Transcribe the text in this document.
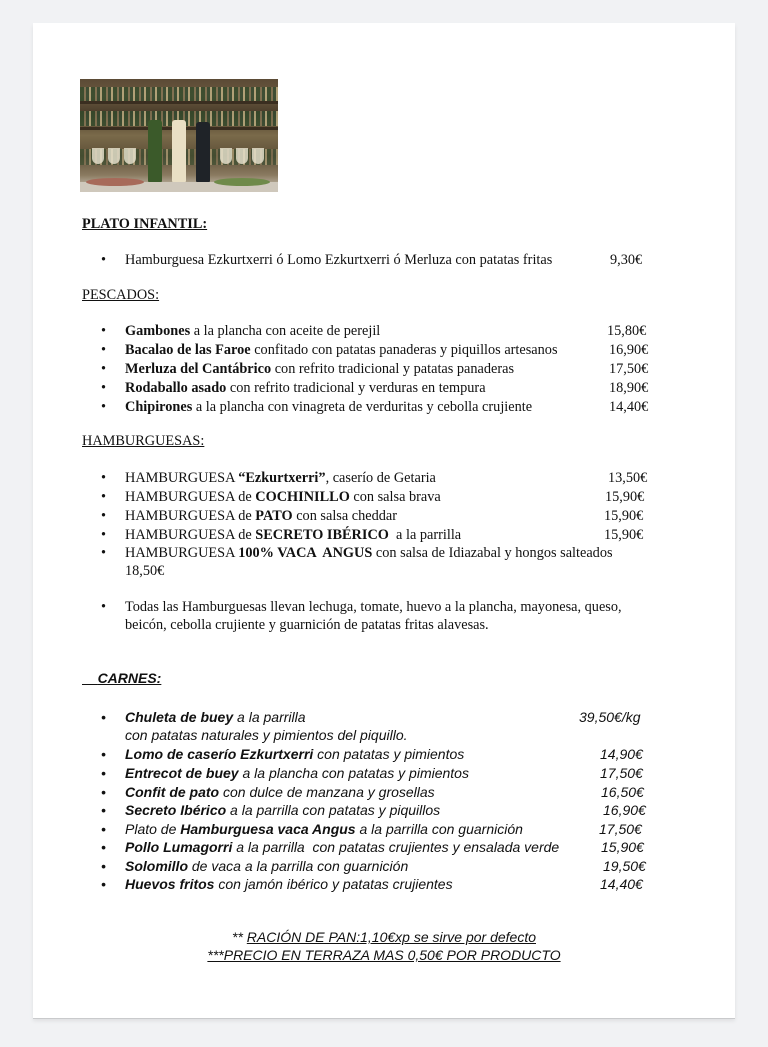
PLATO INFANTIL:
• Hamburguesa Ezkurtxerri ó Lomo Ezkurtxerri ó Merluza con patatas fritas	9,30€
PESCADOS:
• Gambones a la plancha con aceite de perejil	15,80€
• Bacalao de las Faroe confitado con patatas panaderas y piquillos artesanos	16,90€
• Merluza del Cantábrico con refrito tradicional y patatas panaderas	17,50€
• Rodaballo asado con refrito tradicional y verduras en tempura	18,90€
• Chipirones a la plancha con vinagreta de verduritas y cebolla crujiente	14,40€
HAMBURGUESAS:
• HAMBURGUESA “Ezkurtxerri”, caserío de Getaria	13,50€
• HAMBURGUESA de COCHINILLO con salsa brava	15,90€
• HAMBURGUESA de PATO con salsa cheddar	15,90€
• HAMBURGUESA de SECRETO IBÉRICO  a la parrilla	15,90€
• HAMBURGUESA 100% VACA  ANGUS con salsa de Idiazabal y hongos salteados
18,50€
• Todas las Hamburguesas llevan lechuga, tomate, huevo a la plancha, mayonesa, queso,
beicón, cebolla crujiente y guarnición de patatas fritas alavesas.
CARNES:
• Chuleta de buey a la parrilla
con patatas naturales y pimientos del piquillo.
39,50€/kg
• Lomo de caserío Ezkurtxerri con patatas y pimientos	14,90€
• Entrecot de buey a la plancha con patatas y pimientos	17,50€
• Confit de pato con dulce de manzana y grosellas	16,50€
• Secreto Ibérico a la parrilla con patatas y piquillos	16,90€
• Plato de Hamburguesa vaca Angus a la parrilla con guarnición	17,50€
• Pollo Lumagorri a la parrilla  con patatas crujientes y ensalada verde	15,90€
• Solomillo de vaca a la parrilla con guarnición	19,50€
• Huevos fritos con jamón ibérico y patatas crujientes	14,40€
** RACIÓN DE PAN:1,10€xp se sirve por defecto
***PRECIO EN TERRAZA MAS 0,50€ POR PRODUCTO
